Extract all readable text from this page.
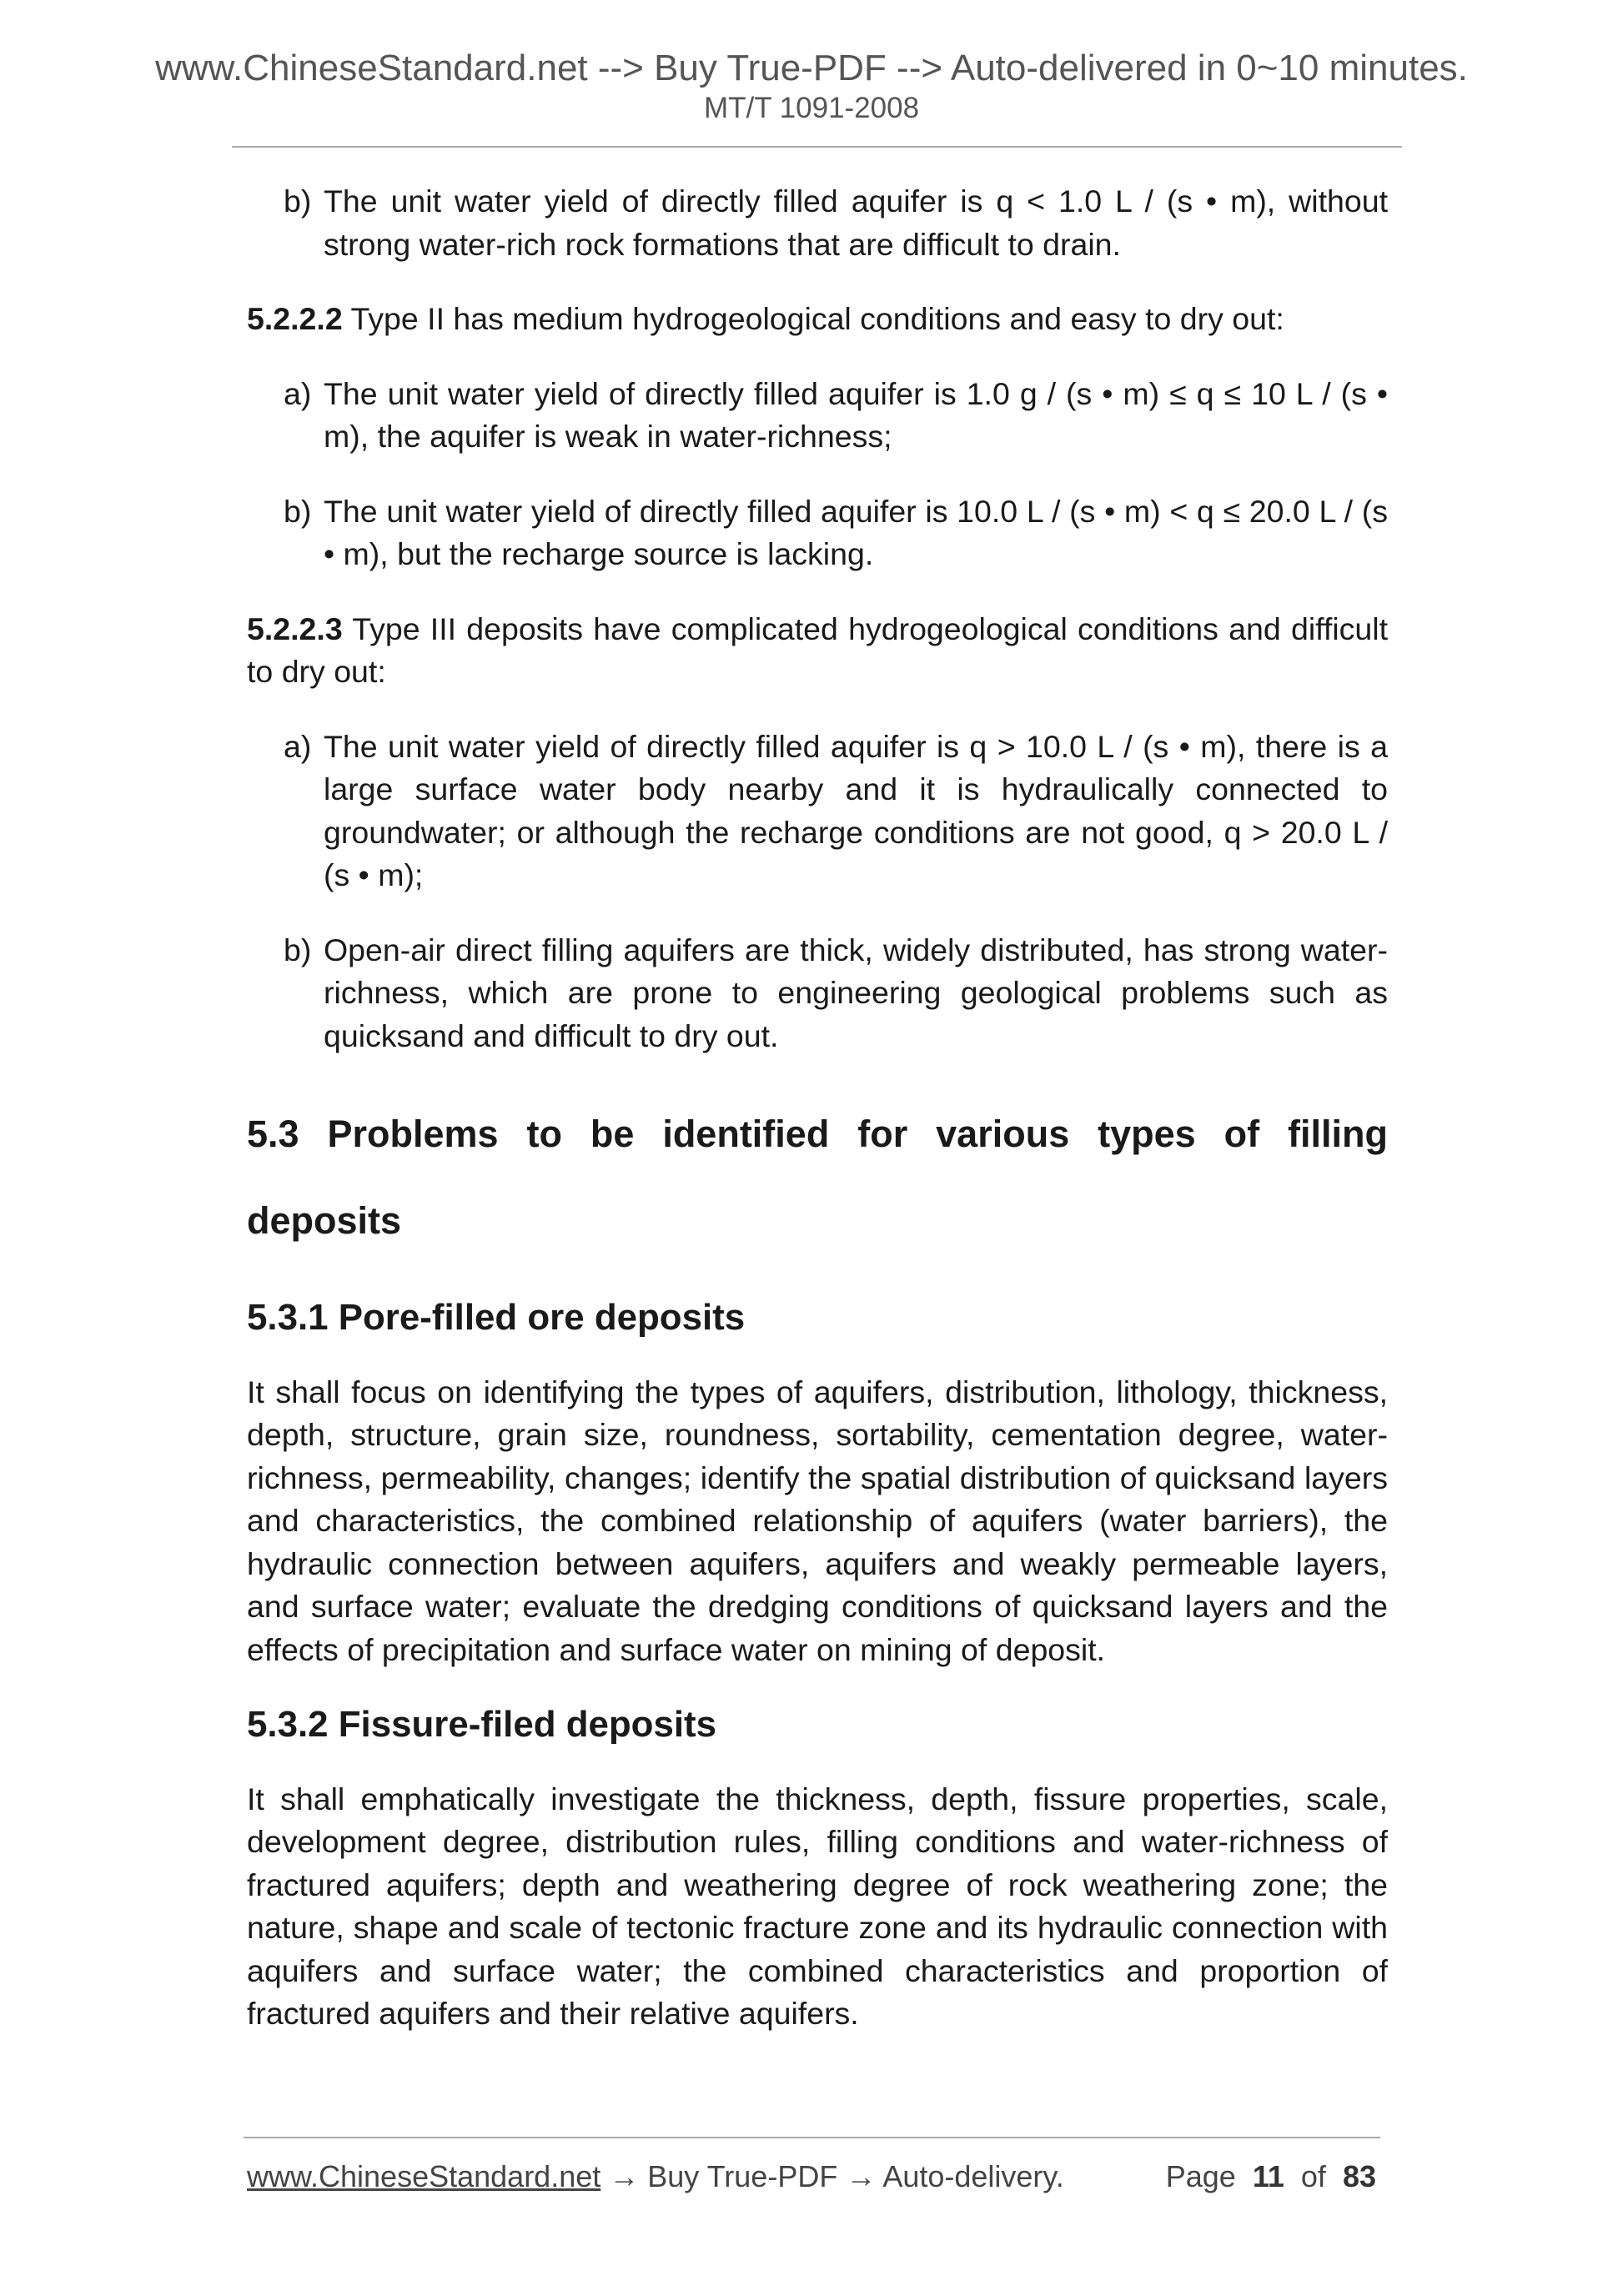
www.ChineseStandard.net --> Buy True-PDF --> Auto-delivered in 0~10 minutes.
MT/T 1091-2008

b) The unit water yield of directly filled aquifer is q < 1.0 L / (s • m), without strong water-rich rock formations that are difficult to drain.

5.2.2.2 Type II has medium hydrogeological conditions and easy to dry out:

a) The unit water yield of directly filled aquifer is 1.0 g / (s • m) ≤ q ≤ 10 L / (s • m), the aquifer is weak in water-richness;

b) The unit water yield of directly filled aquifer is 10.0 L / (s • m) < q ≤ 20.0 L / (s • m), but the recharge source is lacking.

5.2.2.3 Type III deposits have complicated hydrogeological conditions and difficult to dry out:

a) The unit water yield of directly filled aquifer is q > 10.0 L / (s • m), there is a large surface water body nearby and it is hydraulically connected to groundwater; or although the recharge conditions are not good, q > 20.0 L / (s • m);

b) Open-air direct filling aquifers are thick, widely distributed, has strong water-richness, which are prone to engineering geological problems such as quicksand and difficult to dry out.

5.3 Problems to be identified for various types of filling deposits
5.3.1 Pore-filled ore deposits

It shall focus on identifying the types of aquifers, distribution, lithology, thickness, depth, structure, grain size, roundness, sortability, cementation degree, water-richness, permeability, changes; identify the spatial distribution of quicksand layers and characteristics, the combined relationship of aquifers (water barriers), the hydraulic connection between aquifers, aquifers and weakly permeable layers, and surface water; evaluate the dredging conditions of quicksand layers and the effects of precipitation and surface water on mining of deposit.

5.3.2 Fissure-filed deposits

It shall emphatically investigate the thickness, depth, fissure properties, scale, development degree, distribution rules, filling conditions and water-richness of fractured aquifers; depth and weathering degree of rock weathering zone; the nature, shape and scale of tectonic fracture zone and its hydraulic connection with aquifers and surface water; the combined characteristics and proportion of fractured aquifers and their relative aquifers.

www.ChineseStandard.net → Buy True-PDF → Auto-delivery.	Page 11 of 83
